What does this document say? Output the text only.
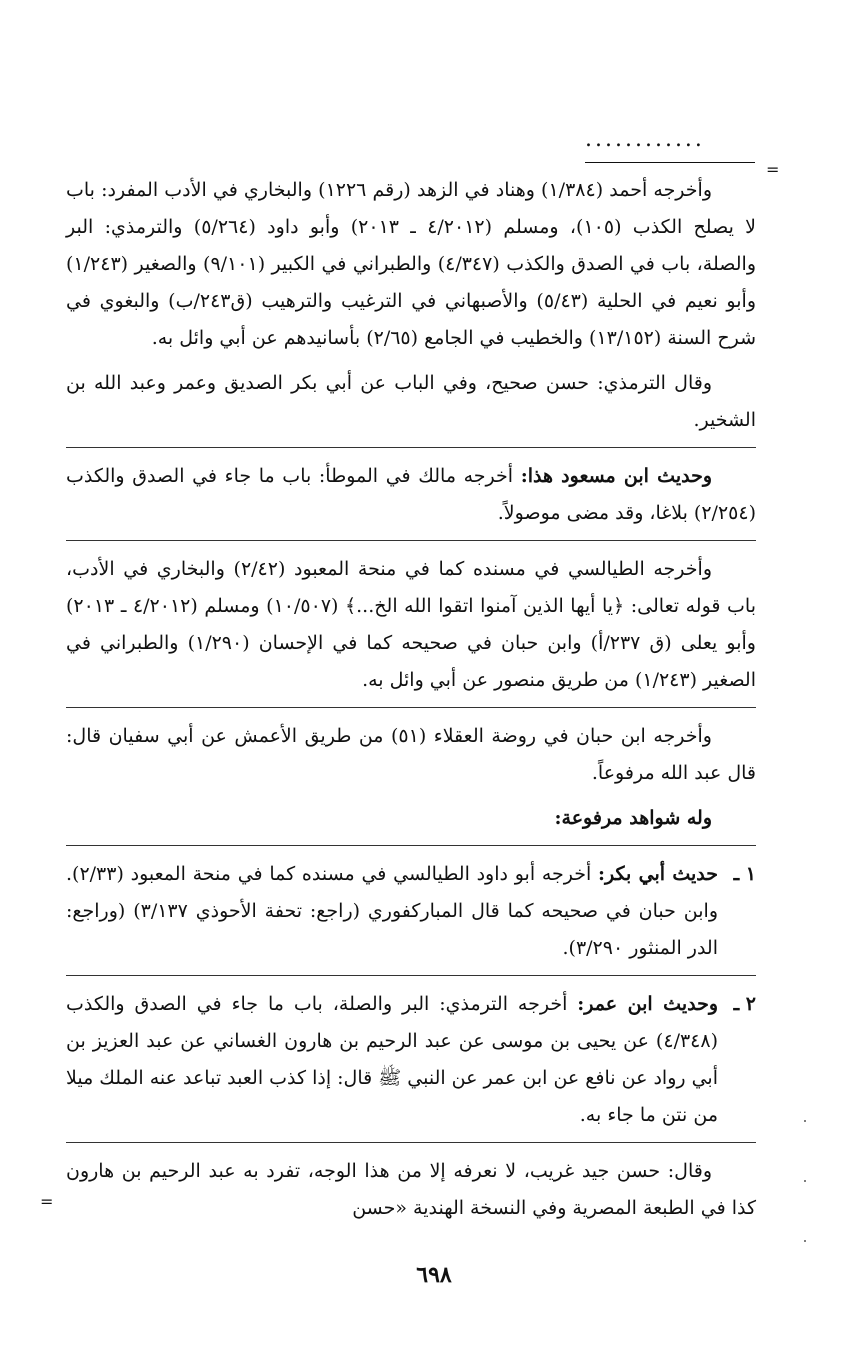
............
=

وأخرجه أحمد (١/٣٨٤) وهناد في الزهد (رقم ١٢٢٦) والبخاري في الأدب المفرد: باب لا يصلح الكذب (١٠٥)، ومسلم (٤/٢٠١٢ ـ ٢٠١٣) وأبو داود (٥/٢٦٤) والترمذي: البر والصلة، باب في الصدق والكذب (٤/٣٤٧) والطبراني في الكبير (٩/١٠١) والصغير (١/٢٤٣) وأبو نعيم في الحلية (٥/٤٣) والأصبهاني في الترغيب والترهيب (ق٢٤٣/ب) والبغوي في شرح السنة (١٣/١٥٢) والخطيب في الجامع (٢/٦٥) بأسانيدهم عن أبي وائل به.

وقال الترمذي: حسن صحيح، وفي الباب عن أبي بكر الصديق وعمر وعبد الله بن الشخير.

وحديث ابن مسعود هذا: أخرجه مالك في الموطأ: باب ما جاء في الصدق والكذب (٢/٢٥٤) بلاغا، وقد مضى موصولاً.

وأخرجه الطيالسي في مسنده كما في منحة المعبود (٢/٤٢) والبخاري في الأدب، باب قوله تعالى: ﴿يا أيها الذين آمنوا اتقوا الله الخ...﴾ (١٠/٥٠٧) ومسلم (٤/٢٠١٢ ـ ٢٠١٣) وأبو يعلى (ق ٢٣٧/أ) وابن حبان في صحيحه كما في الإحسان (١/٢٩٠) والطبراني في الصغير (١/٢٤٣) من طريق منصور عن أبي وائل به.

وأخرجه ابن حبان في روضة العقلاء (٥١) من طريق الأعمش عن أبي سفيان قال: قال عبد الله مرفوعاً.

وله شواهد مرفوعة:

١ ـ
حديث أبي بكر: أخرجه أبو داود الطيالسي في مسنده كما في منحة المعبود (٢/٣٣). وابن حبان في صحيحه كما قال المباركفوري (راجع: تحفة الأحوذي ٣/١٣٧) (وراجع: الدر المنثور ٣/٢٩٠).

٢ ـ
وحديث ابن عمر: أخرجه الترمذي: البر والصلة، باب ما جاء في الصدق والكذب (٤/٣٤٨) عن يحيى بن موسى عن عبد الرحيم بن هارون الغساني عن عبد العزيز بن أبي رواد عن نافع عن ابن عمر عن النبي ﷺ قال: إذا كذب العبد تباعد عنه الملك ميلا من نتن ما جاء به.

وقال: حسن جيد غريب، لا نعرفه إلا من هذا الوجه، تفرد به عبد الرحيم بن هارون كذا في الطبعة المصرية وفي النسخة الهندية «حسن

=
٦٩٨
